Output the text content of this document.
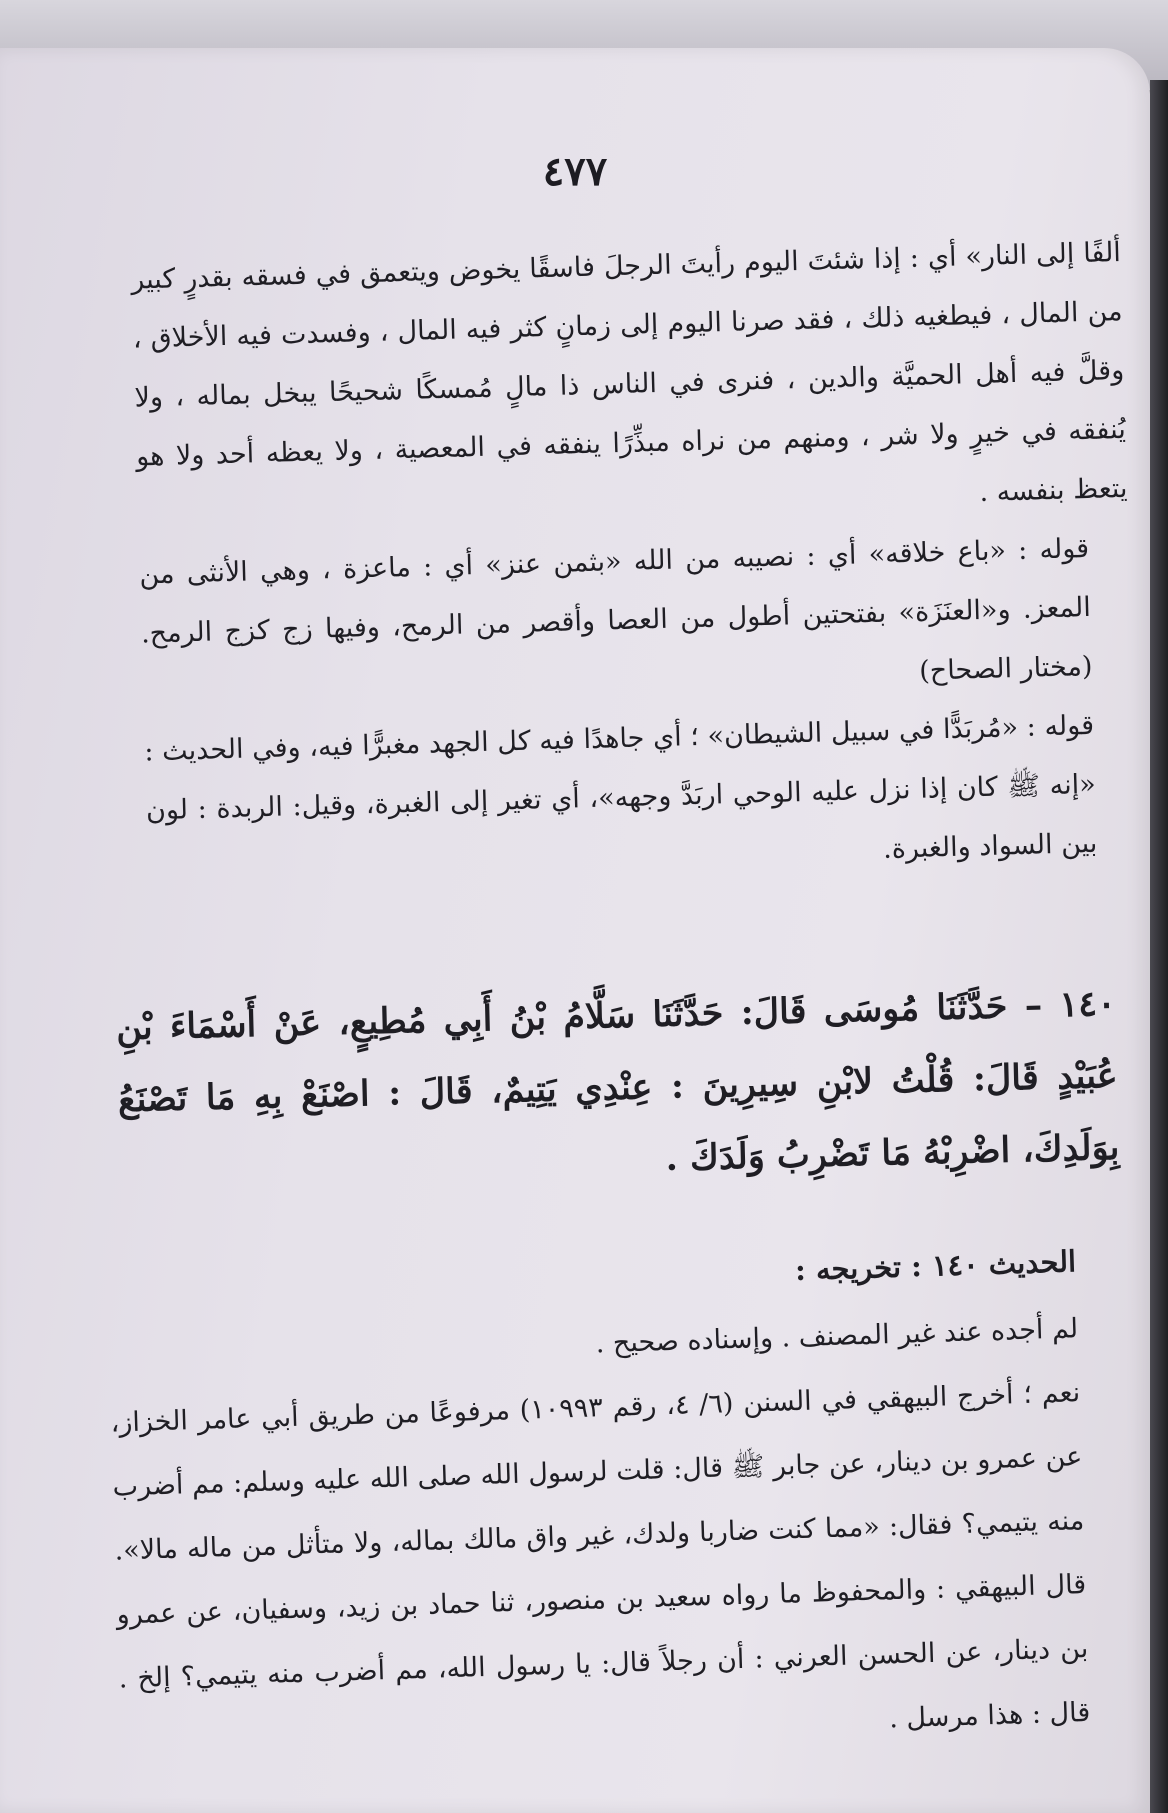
٤٧٧

ألفًا إلى النار» أي : إذا شئتَ اليوم رأيتَ الرجلَ فاسقًا يخوض ويتعمق في فسقه بقدرٍ كبير من المال ، فيطغيه ذلك ، فقد صرنا اليوم إلى زمانٍ كثر فيه المال ، وفسدت فيه الأخلاق ، وقلَّ فيه أهل الحميَّة والدين ، فنرى في الناس ذا مالٍ مُمسكًا شحيحًا يبخل بماله ، ولا يُنفقه في خيرٍ ولا شر ، ومنهم من نراه مبذِّرًا ينفقه في المعصية ، ولا يعظه أحد ولا هو يتعظ بنفسه .

قوله : «باع خلاقه» أي : نصيبه من الله «بثمن عنز» أي : ماعزة ، وهي الأنثى من المعز. و«العنَزَة» بفتحتين أطول من العصا وأقصر من الرمح، وفيها زج كزج الرمح. (مختار الصحاح)

قوله : «مُربَدًّا في سبيل الشيطان» ؛ أي جاهدًا فيه كل الجهد مغبرًّا فيه، وفي الحديث : «إنه ﷺ كان إذا نزل عليه الوحي اربَدَّ وجهه»، أي تغير إلى الغبرة، وقيل: الربدة : لون بين السواد والغبرة.

١٤٠ – حَدَّثَنَا مُوسَى قَالَ: حَدَّثَنَا سَلَّامُ بْنُ أَبِي مُطِيعٍ، عَنْ أَسْمَاءَ بْنِ عُبَيْدٍ قَالَ: قُلْتُ لابْنِ سِيرِينَ : عِنْدِي يَتِيمٌ، قَالَ : اصْنَعْ بِهِ مَا تَصْنَعُ بِوَلَدِكَ، اضْرِبْهُ مَا تَضْرِبُ وَلَدَكَ .
الحديث ١٤٠ : تخريجه :

لم أجده عند غير المصنف . وإسناده صحيح .

نعم ؛ أخرج البيهقي في السنن (٦/ ٤، رقم ١٠٩٩٣) مرفوعًا من طريق أبي عامر الخزاز، عن عمرو بن دينار، عن جابر ﷺ قال: قلت لرسول الله صلى الله عليه وسلم: مم أضرب منه يتيمي؟ فقال: «مما كنت ضاربا ولدك، غير واق مالك بماله، ولا متأثل من ماله مالا». قال البيهقي : والمحفوظ ما رواه سعيد بن منصور، ثنا حماد بن زيد، وسفيان، عن عمرو بن دينار، عن الحسن العرني : أن رجلاً قال: يا رسول الله، مم أضرب منه يتيمي؟ إلخ . قال : هذا مرسل .
